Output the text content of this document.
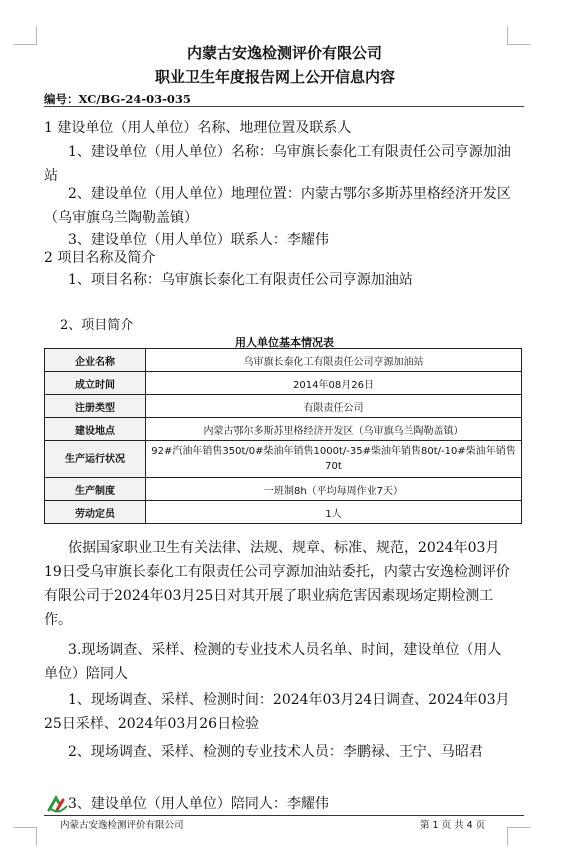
内蒙古安逸检测评价有限公司
职业卫生年度报告网上公开信息内容
编号：XC/BG-24-03-035
1 建设单位（用人单位）名称、地理位置及联系人
1、建设单位（用人单位）名称：乌审旗长泰化工有限责任公司亨源加油站
2、建设单位（用人单位）地理位置：内蒙古鄂尔多斯苏里格经济开发区（乌审旗乌兰陶勒盖镇）
3、建设单位（用人单位）联系人：李耀伟
2 项目名称及简介
1、项目名称：乌审旗长泰化工有限责任公司亨源加油站
2、项目简介
用人单位基本情况表
企业名称	乌审旗长泰化工有限责任公司亨源加油站
成立时间	2014年08月26日
注册类型	有限责任公司
建设地点	内蒙古鄂尔多斯苏里格经济开发区（乌审旗乌兰陶勒盖镇）
生产运行状况	92#汽油年销售350t/0#柴油年销售1000t/-35#柴油年销售80t/-10#柴油年销售70t
生产制度	一班制8h（平均每周作业7天）
劳动定员	1人
依据国家职业卫生有关法律、法规、规章、标准、规范，2024年03月19日受乌审旗长泰化工有限责任公司亨源加油站委托，内蒙古安逸检测评价有限公司于2024年03月25日对其开展了职业病危害因素现场定期检测工作。
3.现场调查、采样、检测的专业技术人员名单、时间，建设单位（用人单位）陪同人
1、现场调查、采样、检测时间：2024年03月24日调查、2024年03月25日采样、2024年03月26日检验
2、现场调查、采样、检测的专业技术人员：李鹏禄、王宁、马昭君
3、建设单位（用人单位）陪同人：李耀伟
内蒙古安逸检测评价有限公司	第 1 页 共 4 页
